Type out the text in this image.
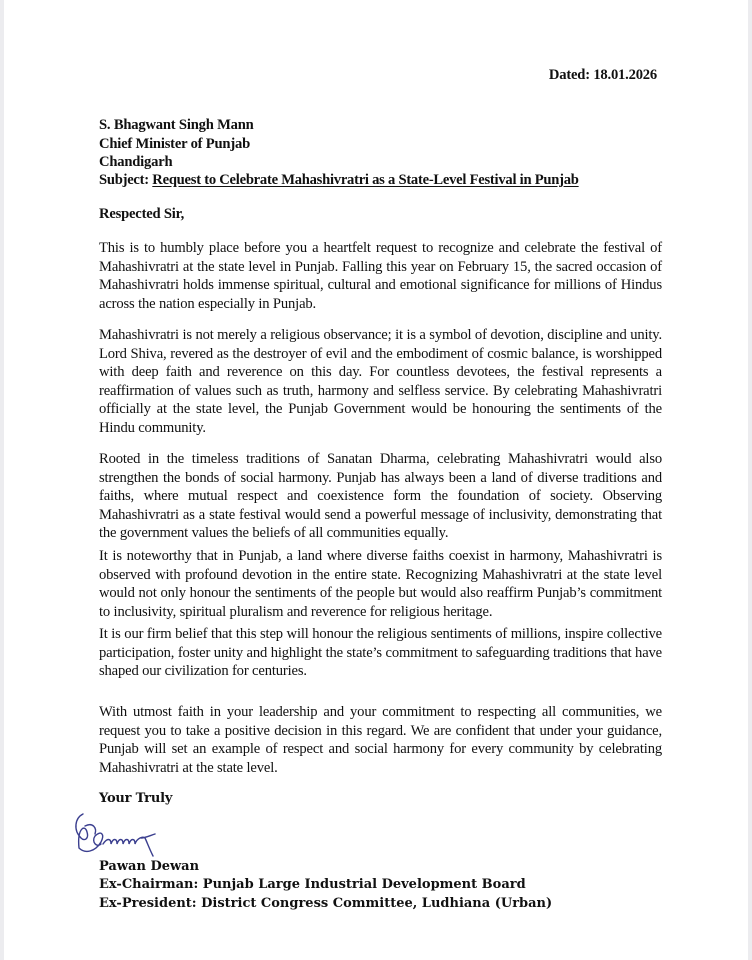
Dated: 18.01.2026
S. Bhagwant Singh Mann
Chief Minister of Punjab
Chandigarh
Subject: Request to Celebrate Mahashivratri as a State-Level Festival in Punjab
Respected Sir,

This is to humbly place before you a heartfelt request to recognize and celebrate the festival of Mahashivratri at the state level in Punjab. Falling this year on February 15, the sacred occasion of Mahashivratri holds immense spiritual, cultural and emotional significance for millions of Hindus across the nation especially in Punjab.

Mahashivratri is not merely a religious observance; it is a symbol of devotion, discipline and unity. Lord Shiva, revered as the destroyer of evil and the embodiment of cosmic balance, is worshipped with deep faith and reverence on this day. For countless devotees, the festival represents a reaffirmation of values such as truth, harmony and selfless service. By celebrating Mahashivratri officially at the state level, the Punjab Government would be honouring the sentiments of the Hindu community.

Rooted in the timeless traditions of Sanatan Dharma, celebrating Mahashivratri would also strengthen the bonds of social harmony. Punjab has always been a land of diverse traditions and faiths, where mutual respect and coexistence form the foundation of society. Observing Mahashivratri as a state festival would send a powerful message of inclusivity, demonstrating that the government values the beliefs of all communities equally.

It is noteworthy that in Punjab, a land where diverse faiths coexist in harmony, Mahashivratri is observed with profound devotion in the entire state. Recognizing Mahashivratri at the state level would not only honour the sentiments of the people but would also reaffirm Punjab’s commitment to inclusivity, spiritual pluralism and reverence for religious heritage.

It is our firm belief that this step will honour the religious sentiments of millions, inspire collective participation, foster unity and highlight the state’s commitment to safeguarding traditions that have shaped our civilization for centuries.

With utmost faith in your leadership and your commitment to respecting all communities, we request you to take a positive decision in this regard. We are confident that under your guidance, Punjab will set an example of respect and social harmony for every community by celebrating Mahashivratri at the state level.

Your Truly
Pawan Dewan
Ex-Chairman: Punjab Large Industrial Development Board
Ex-President: District Congress Committee, Ludhiana (Urban)
